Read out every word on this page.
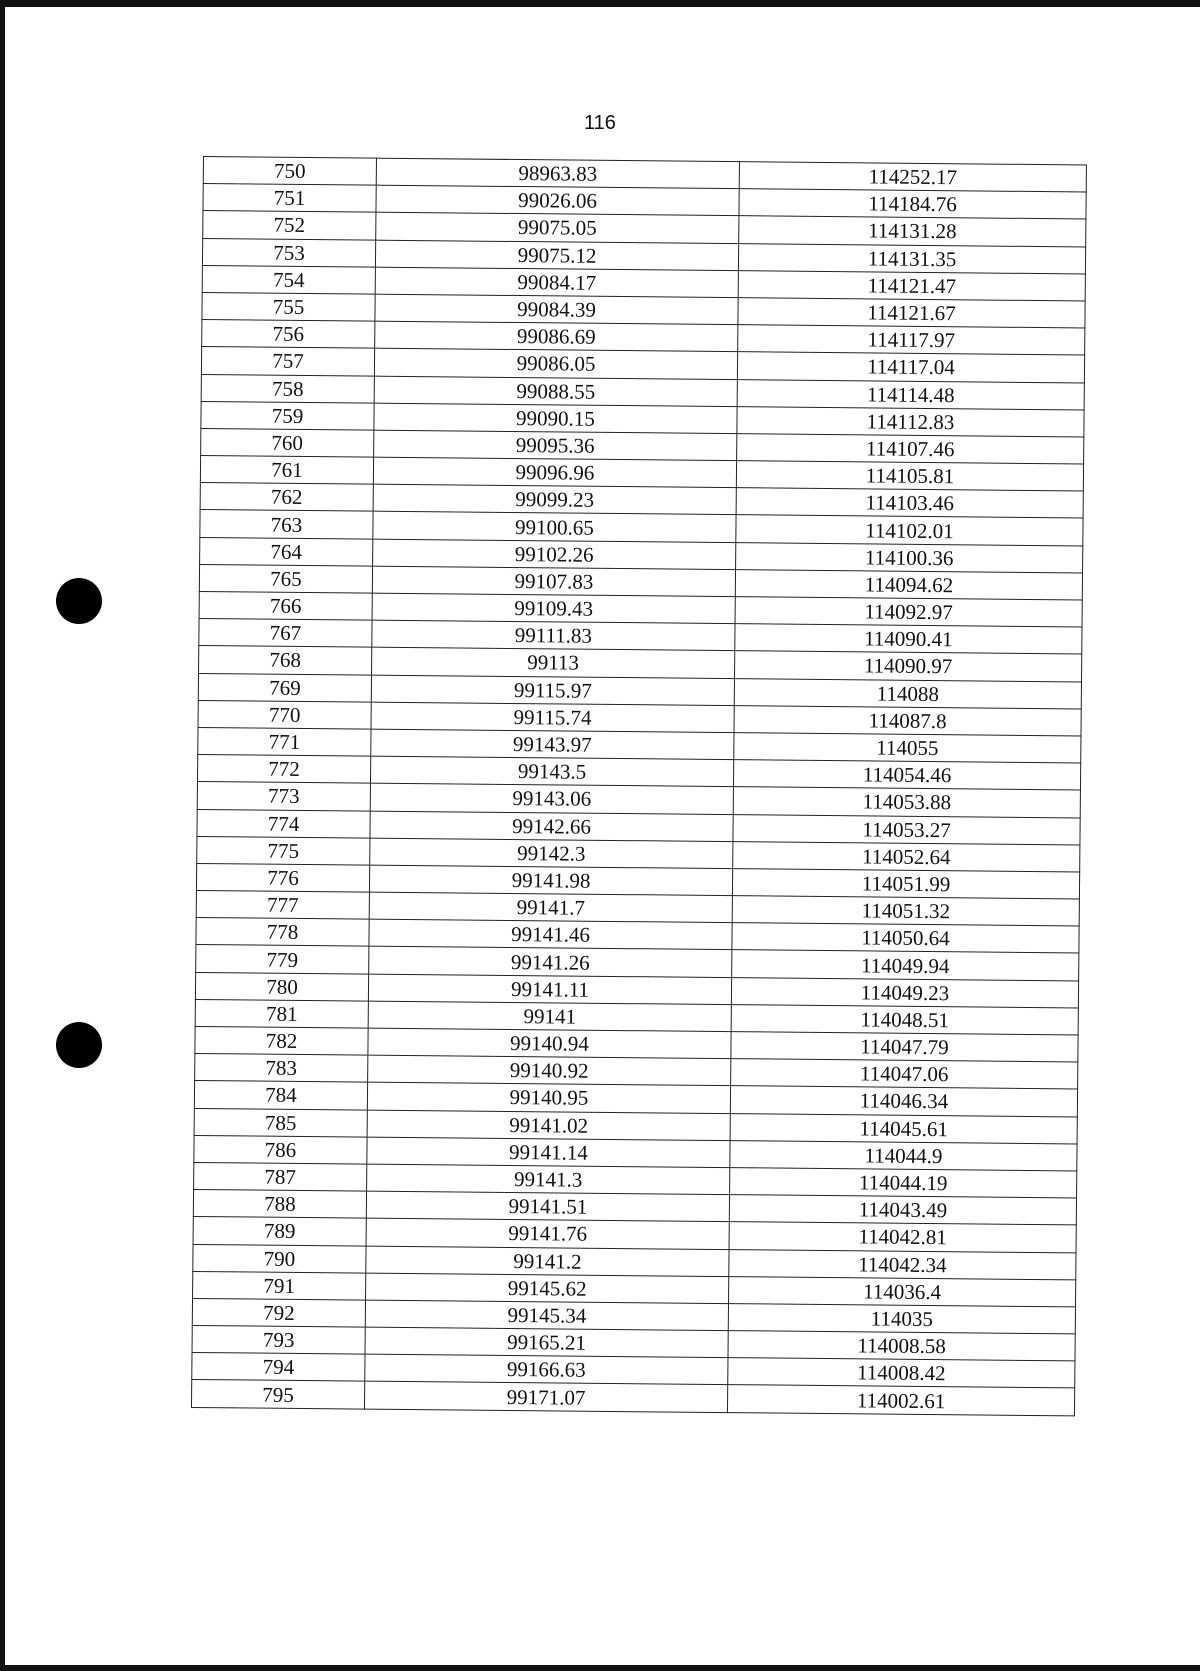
116
750	98963.83	114252.17
751	99026.06	114184.76
752	99075.05	114131.28
753	99075.12	114131.35
754	99084.17	114121.47
755	99084.39	114121.67
756	99086.69	114117.97
757	99086.05	114117.04
758	99088.55	114114.48
759	99090.15	114112.83
760	99095.36	114107.46
761	99096.96	114105.81
762	99099.23	114103.46
763	99100.65	114102.01
764	99102.26	114100.36
765	99107.83	114094.62
766	99109.43	114092.97
767	99111.83	114090.41
768	99113	114090.97
769	99115.97	114088
770	99115.74	114087.8
771	99143.97	114055
772	99143.5	114054.46
773	99143.06	114053.88
774	99142.66	114053.27
775	99142.3	114052.64
776	99141.98	114051.99
777	99141.7	114051.32
778	99141.46	114050.64
779	99141.26	114049.94
780	99141.11	114049.23
781	99141	114048.51
782	99140.94	114047.79
783	99140.92	114047.06
784	99140.95	114046.34
785	99141.02	114045.61
786	99141.14	114044.9
787	99141.3	114044.19
788	99141.51	114043.49
789	99141.76	114042.81
790	99141.2	114042.34
791	99145.62	114036.4
792	99145.34	114035
793	99165.21	114008.58
794	99166.63	114008.42
795	99171.07	114002.61
